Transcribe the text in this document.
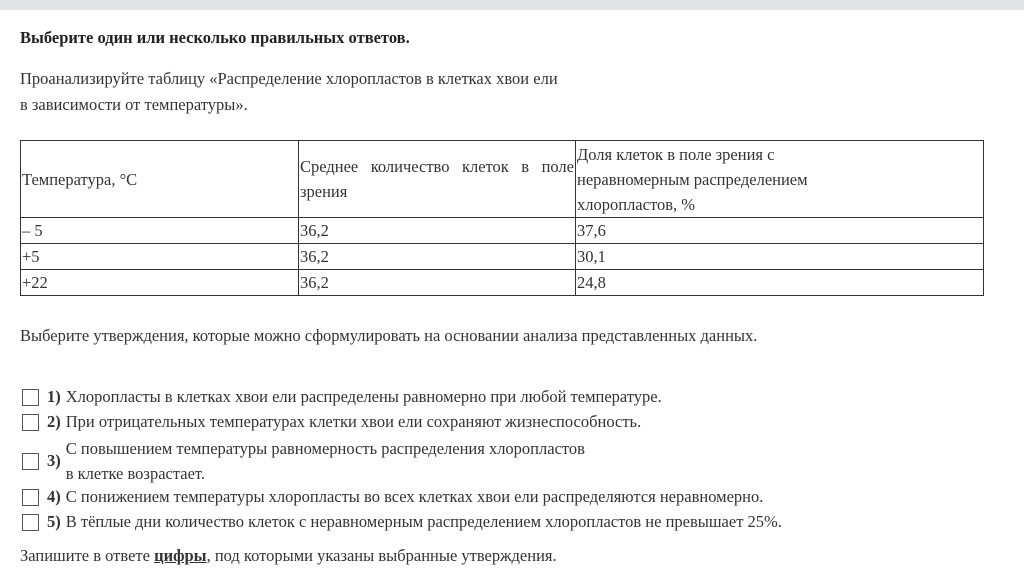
Выберите один или несколько правильных ответов.
Проанализируйте таблицу «Распределение хлоропластов в клетках хвои ели
в зависимости от температуры».
Температура, °С	Среднее количество клеток в поле зрения	Доля клеток в поле зрения с неравномерным распределением хлоропластов, %
– 5	36,2	37,6
+5	36,2	30,1
+22	36,2	24,8
Выберите утверждения, которые можно сформулировать на основании анализа представленных данных.
1) Хлоропласты в клетках хвои ели распределены равномерно при любой температуре.
2) При отрицательных температурах клетки хвои ели сохраняют жизнеспособность.
3)
С повышением температуры равномерность распределения хлоропластов
в клетке возрастает.
4) С понижением температуры хлоропласты во всех клетках хвои ели распределяются неравномерно.
5) В тёплые дни количество клеток с неравномерным распределением хлоропластов не превышает 25%.
Запишите в ответе цифры, под которыми указаны выбранные утверждения.
